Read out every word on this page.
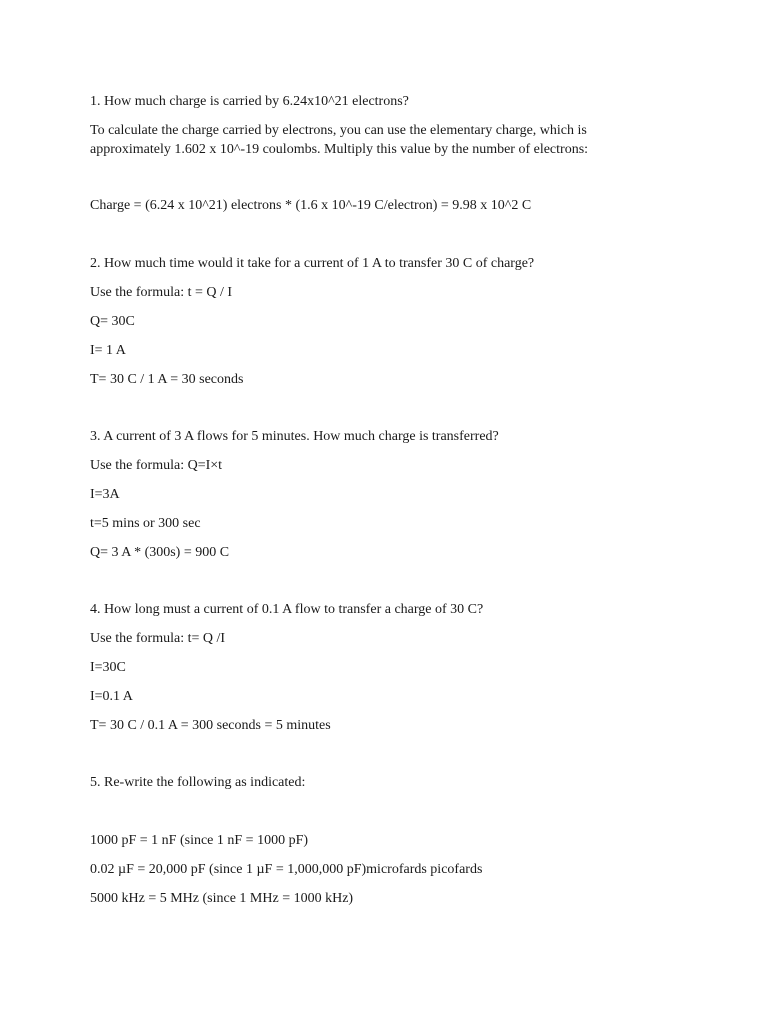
1. How much charge is carried by 6.24x10^21 electrons?
To calculate the charge carried by electrons, you can use the elementary charge, which is
approximately 1.602 x 10^-19 coulombs. Multiply this value by the number of electrons:
Charge = (6.24 x 10^21) electrons * (1.6 x 10^-19 C/electron) = 9.98 x 10^2 C
2. How much time would it take for a current of 1 A to transfer 30 C of charge?
Use the formula: t = Q / I
Q= 30C
I= 1 A
T= 30 C / 1 A = 30 seconds
3. A current of 3 A flows for 5 minutes. How much charge is transferred?
Use the formula: Q=I×t
I=3A
t=5 mins or 300 sec
Q= 3 A * (300s) = 900 C
4. How long must a current of 0.1 A flow to transfer a charge of 30 C?
Use the formula: t= Q /I
I=30C
I=0.1 A
T= 30 C / 0.1 A = 300 seconds = 5 minutes
5. Re-write the following as indicated:
1000 pF = 1 nF (since 1 nF = 1000 pF)
0.02 µF = 20,000 pF (since 1 µF = 1,000,000 pF)microfards picofards
5000 kHz = 5 MHz (since 1 MHz = 1000 kHz)
